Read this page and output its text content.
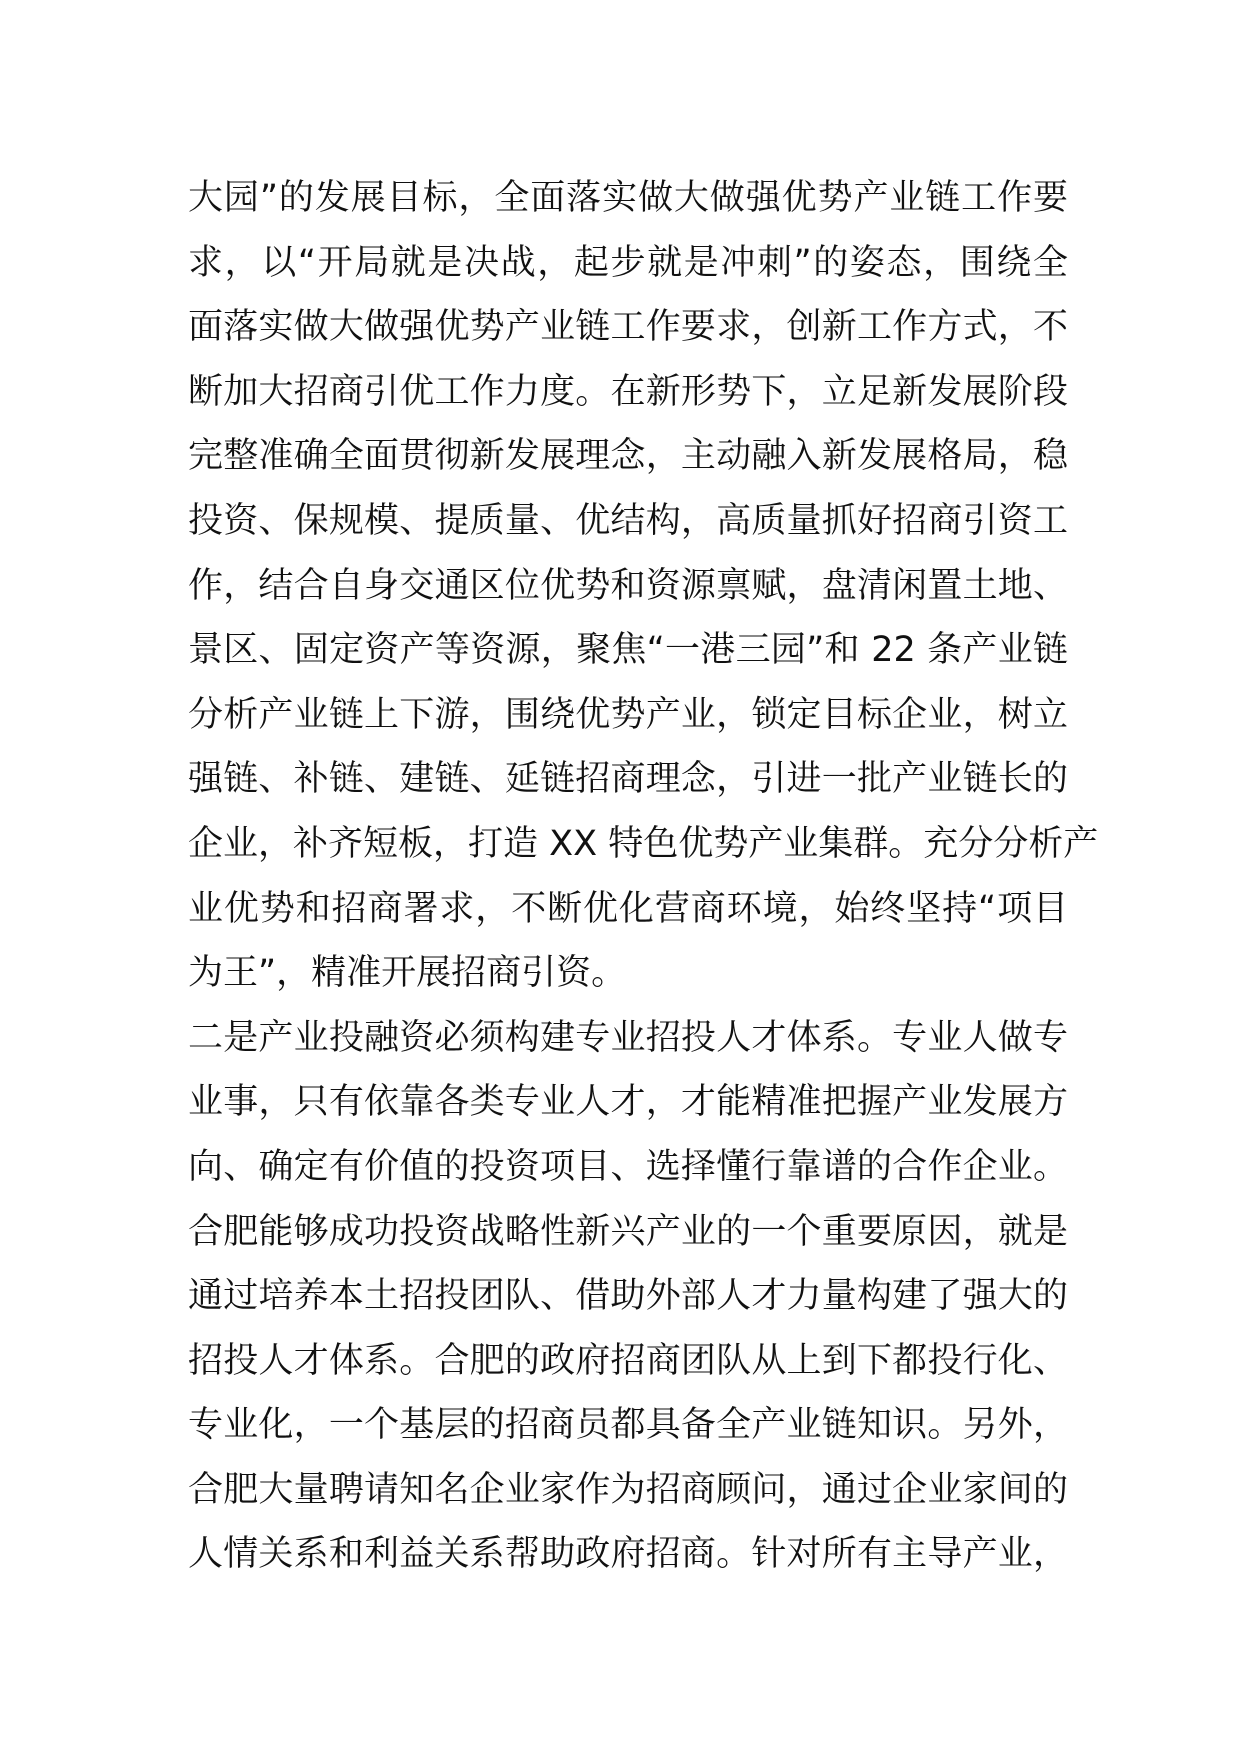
大园”的发展目标，全面落实做大做强优势产业链工作要
求，以“开局就是决战，起步就是冲刺”的姿态，围绕全
面落实做大做强优势产业链工作要求，创新工作方式，不
断加大招商引优工作力度。在新形势下，立足新发展阶段
完整准确全面贯彻新发展理念，主动融入新发展格局，稳
投资、保规模、提质量、优结构，高质量抓好招商引资工
作，结合自身交通区位优势和资源禀赋，盘清闲置土地、
景区、固定资产等资源，聚焦“一港三园”和 22 条产业链
分析产业链上下游，围绕优势产业，锁定目标企业，树立
强链、补链、建链、延链招商理念，引进一批产业链长的
企业，补齐短板，打造 XX 特色优势产业集群。充分分析产
业优势和招商署求，不断优化营商环境，始终坚持“项目
为王”，精准开展招商引资。
二是产业投融资必须构建专业招投人才体系。专业人做专
业事，只有依靠各类专业人才，才能精准把握产业发展方
向、确定有价值的投资项目、选择懂行靠谱的合作企业。
合肥能够成功投资战略性新兴产业的一个重要原因，就是
通过培养本土招投团队、借助外部人才力量构建了强大的
招投人才体系。合肥的政府招商团队从上到下都投行化、
专业化，一个基层的招商员都具备全产业链知识。另外，
合肥大量聘请知名企业家作为招商顾问，通过企业家间的
人情关系和利益关系帮助政府招商。针对所有主导产业，
